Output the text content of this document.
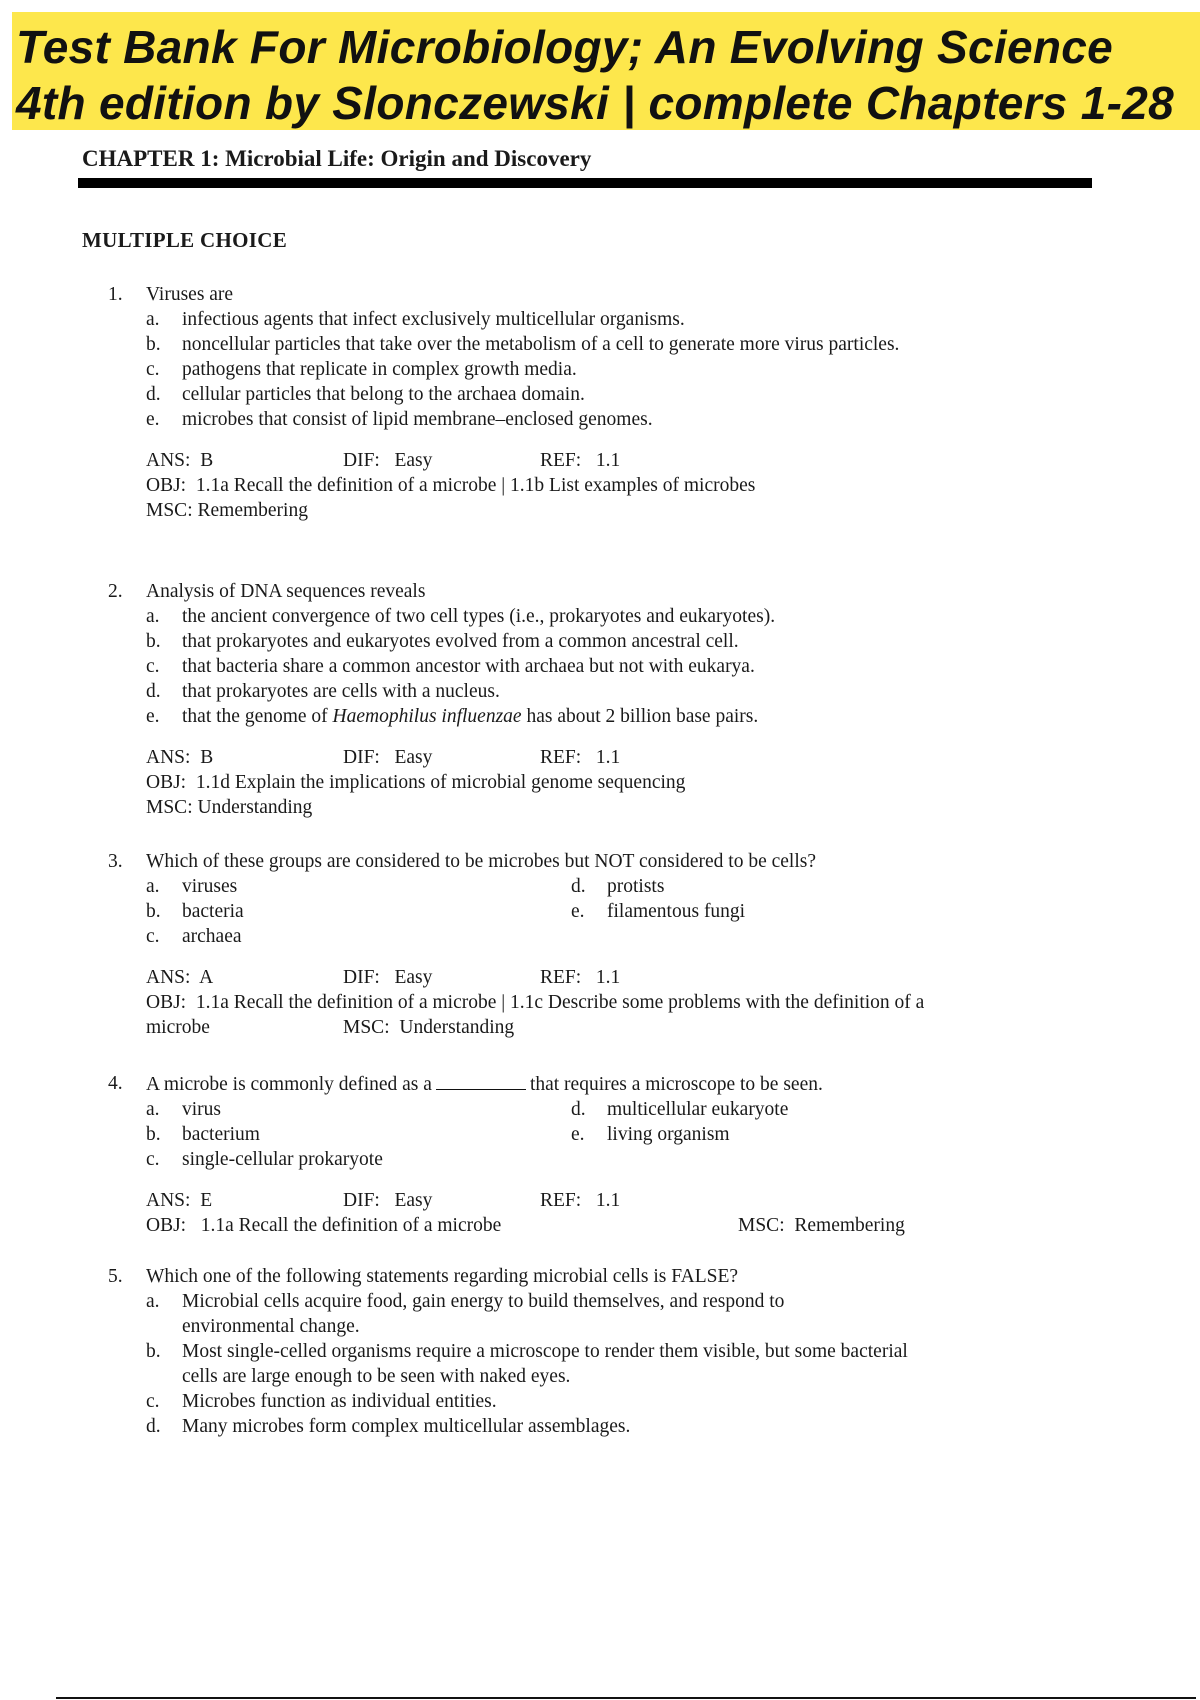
Test Bank For Microbiology; An Evolving Science
4th edition by Slonczewski | complete Chapters 1-28
CHAPTER 1: Microbial Life: Origin and Discovery
MULTIPLE CHOICE
1.	Viruses are
a.	infectious agents that infect exclusively multicellular organisms.
b.	noncellular particles that take over the metabolism of a cell to generate more virus particles.
c.	pathogens that replicate in complex growth media.
d.	cellular particles that belong to the archaea domain.
e.	microbes that consist of lipid membrane–enclosed genomes.
ANS: B	DIF: Easy	REF: 1.1
OBJ:
1.1a Recall the definition of a microbe | 1.1b List examples of microbes
MSC:
Remembering
2.	Analysis of DNA sequences reveals
a.	the ancient convergence of two cell types (i.e., prokaryotes and eukaryotes).
b.	that prokaryotes and eukaryotes evolved from a common ancestral cell.
c.	that bacteria share a common ancestor with archaea but not with eukarya.
d.	that prokaryotes are cells with a nucleus.
e.	that the genome of Haemophilus influenzae has about 2 billion base pairs.
ANS: B	DIF: Easy	REF: 1.1
OBJ:
1.1d Explain the implications of microbial genome sequencing
MSC:
Understanding
3.	Which of these groups are considered to be microbes but NOT considered to be cells?
a.	viruses	d.	protists
b.	bacteria	e.	filamentous fungi
c.	archaea
ANS: A	DIF: Easy	REF: 1.1
OBJ:
1.1a Recall the definition of a microbe | 1.1c Describe some problems with the definition of a
microbe	MSC: Understanding
4.	A microbe is commonly defined as a	that requires a microscope to be seen.
a.	virus	d.	multicellular eukaryote
b.	bacterium	e.	living organism
c.	single-cellular prokaryote
ANS: E	DIF: Easy	REF: 1.1
OBJ: 1.1a Recall the definition of a microbe	MSC: Remembering
5.	Which one of the following statements regarding microbial cells is FALSE?
a.	Microbial cells acquire food, gain energy to build themselves, and respond to environmental change.
b.	Most single-celled organisms require a microscope to render them visible, but some bacterial cells are large enough to be seen with naked eyes.
c.	Microbes function as individual entities.
d.	Many microbes form complex multicellular assemblages.
